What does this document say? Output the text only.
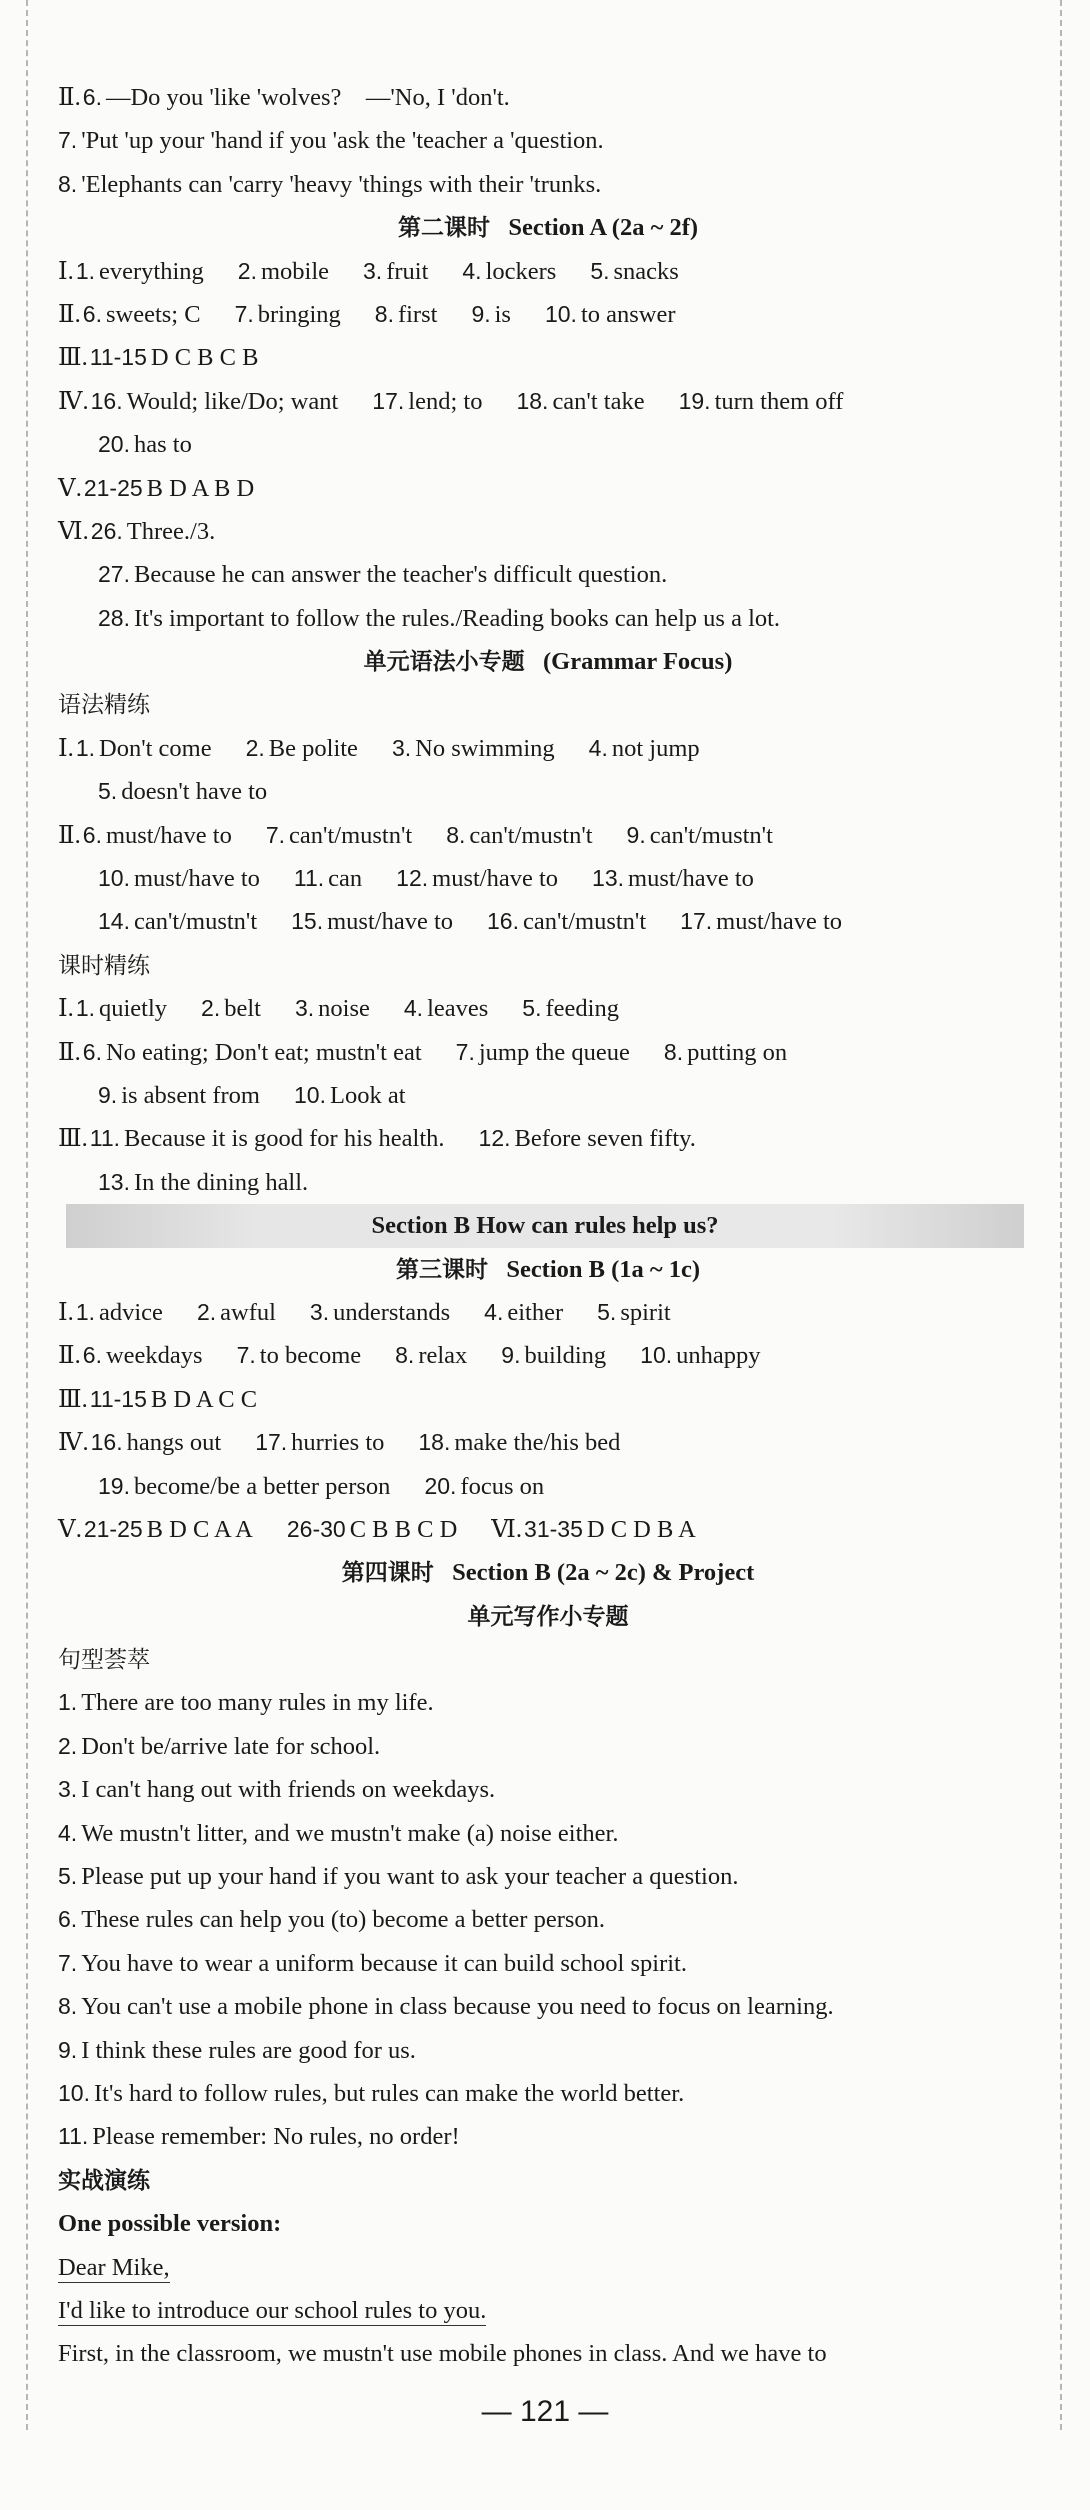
Ⅱ.6. —Do you 'like 'wolves?　—'No, I 'don't.
7. 'Put 'up your 'hand if you 'ask the 'teacher a 'question.
8. 'Elephants can 'carry 'heavy 'things with their 'trunks.
第二课时 Section A (2a ~ 2f)
Ⅰ.1. everything 2. mobile 3. fruit 4. lockers 5. snacks
Ⅱ.6. sweets; C 7. bringing 8. first 9. is 10. to answer
Ⅲ.11-15 D C B C B
Ⅳ.16. Would; like/Do; want 17. lend; to 18. can't take 19. turn them off
20. has to
Ⅴ.21-25 B D A B D
Ⅵ.26. Three./3.
27. Because he can answer the teacher's difficult question.
28. It's important to follow the rules./Reading books can help us a lot.
单元语法小专题 (Grammar Focus)
语法精练
Ⅰ.1. Don't come 2. Be polite 3. No swimming 4. not jump
5. doesn't have to
Ⅱ.6. must/have to 7. can't/mustn't 8. can't/mustn't 9. can't/mustn't
10. must/have to 11. can 12. must/have to 13. must/have to
14. can't/mustn't 15. must/have to 16. can't/mustn't 17. must/have to
课时精练
Ⅰ.1. quietly 2. belt 3. noise 4. leaves 5. feeding
Ⅱ.6. No eating; Don't eat; mustn't eat 7. jump the queue 8. putting on
9. is absent from 10. Look at
Ⅲ.11. Because it is good for his health. 12. Before seven fifty.
13. In the dining hall.
Section B How can rules help us?
第三课时 Section B (1a ~ 1c)
Ⅰ.1. advice 2. awful 3. understands 4. either 5. spirit
Ⅱ.6. weekdays 7. to become 8. relax 9. building 10. unhappy
Ⅲ.11-15 B D A C C
Ⅳ.16. hangs out 17. hurries to 18. make the/his bed
19. become/be a better person 20. focus on
Ⅴ.21-25 B D C A A 26-30 C B B C D Ⅵ.31-35 D C D B A
第四课时 Section B (2a ~ 2c) & Project
单元写作小专题
句型荟萃
1. There are too many rules in my life.
2. Don't be/arrive late for school.
3. I can't hang out with friends on weekdays.
4. We mustn't litter, and we mustn't make (a) noise either.
5. Please put up your hand if you want to ask your teacher a question.
6. These rules can help you (to) become a better person.
7. You have to wear a uniform because it can build school spirit.
8. You can't use a mobile phone in class because you need to focus on learning.
9. I think these rules are good for us.
10. It's hard to follow rules, but rules can make the world better.
11. Please remember: No rules, no order!
实战演练
One possible version:
Dear Mike,
I'd like to introduce our school rules to you.
First, in the classroom, we mustn't use mobile phones in class. And we have to
— 121 —
